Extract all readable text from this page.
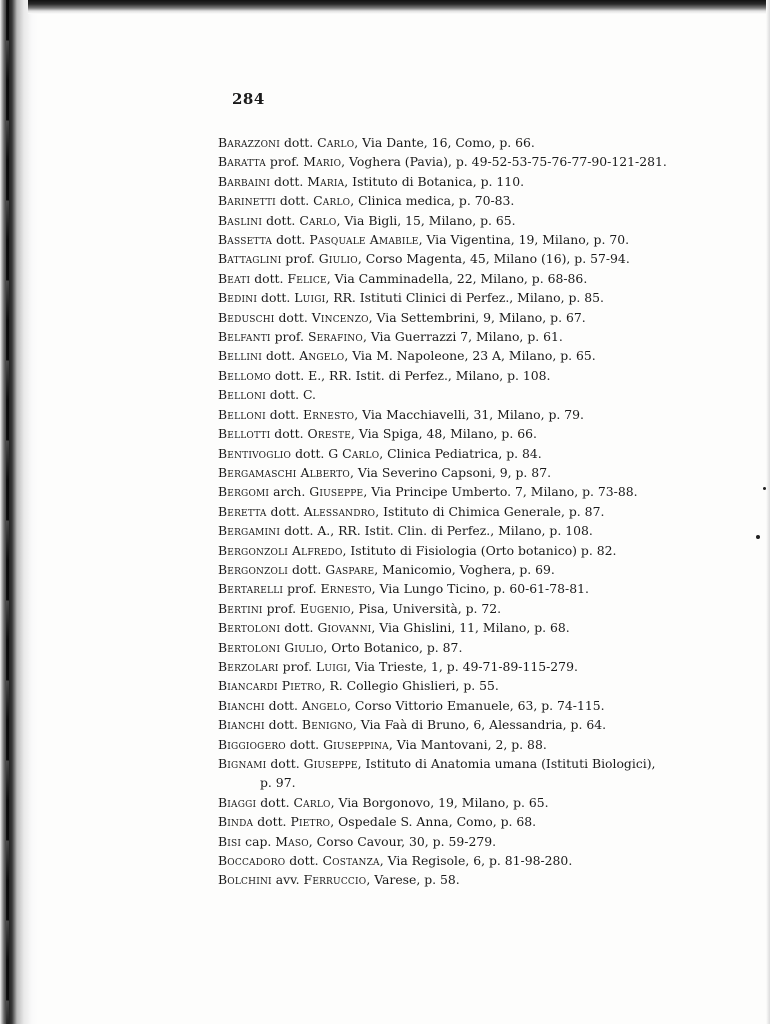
284
Barazzoni dott. Carlo, Via Dante, 16, Como, p. 66.
Baratta prof. Mario, Voghera (Pavia), p. 49-52-53-75-76-77-90-121-281.
Barbaini dott. Maria, Istituto di Botanica, p. 110.
Barinetti dott. Carlo, Clinica medica, p. 70-83.
Baslini dott. Carlo, Via Bigli, 15, Milano, p. 65.
Bassetta dott. Pasquale Amabile, Via Vigentina, 19, Milano, p. 70.
Battaglini prof. Giulio, Corso Magenta, 45, Milano (16), p. 57-94.
Beati dott. Felice, Via Camminadella, 22, Milano, p. 68-86.
Bedini dott. Luigi, RR. Istituti Clinici di Perfez., Milano, p. 85.
Beduschi dott. Vincenzo, Via Settembrini, 9, Milano, p. 67.
Belfanti prof. Serafino, Via Guerrazzi 7, Milano, p. 61.
Bellini dott. Angelo, Via M. Napoleone, 23 A, Milano, p. 65.
Bellomo dott. E., RR. Istit. di Perfez., Milano, p. 108.
Belloni dott. C.
Belloni dott. Ernesto, Via Macchiavelli, 31, Milano, p. 79.
Bellotti dott. Oreste, Via Spiga, 48, Milano, p. 66.
Bentivoglio dott. G Carlo, Clinica Pediatrica, p. 84.
Bergamaschi Alberto, Via Severino Capsoni, 9, p. 87.
Bergomi arch. Giuseppe, Via Principe Umberto. 7, Milano, p. 73-88.
Beretta dott. Alessandro, Istituto di Chimica Generale, p. 87.
Bergamini dott. A., RR. Istit. Clin. di Perfez., Milano, p. 108.
Bergonzoli Alfredo, Istituto di Fisiologia (Orto botanico) p. 82.
Bergonzoli dott. Gaspare, Manicomio, Voghera, p. 69.
Bertarelli prof. Ernesto, Via Lungo Ticino, p. 60-61-78-81.
Bertini prof. Eugenio, Pisa, Università, p. 72.
Bertoloni dott. Giovanni, Via Ghislini, 11, Milano, p. 68.
Bertoloni Giulio, Orto Botanico, p. 87.
Berzolari prof. Luigi, Via Trieste, 1, p. 49-71-89-115-279.
Biancardi Pietro, R. Collegio Ghislieri, p. 55.
Bianchi dott. Angelo, Corso Vittorio Emanuele, 63, p. 74-115.
Bianchi dott. Benigno, Via Faà di Bruno, 6, Alessandria, p. 64.
Biggiogero dott. Giuseppina, Via Mantovani, 2, p. 88.
Bignami dott. Giuseppe, Istituto di Anatomia umana (Istituti Biologici), p. 97.
Biaggi dott. Carlo, Via Borgonovo, 19, Milano, p. 65.
Binda dott. Pietro, Ospedale S. Anna, Como, p. 68.
Bisi cap. Maso, Corso Cavour, 30, p. 59-279.
Boccadoro dott. Costanza, Via Regisole, 6, p. 81-98-280.
Bolchini avv. Ferruccio, Varese, p. 58.
